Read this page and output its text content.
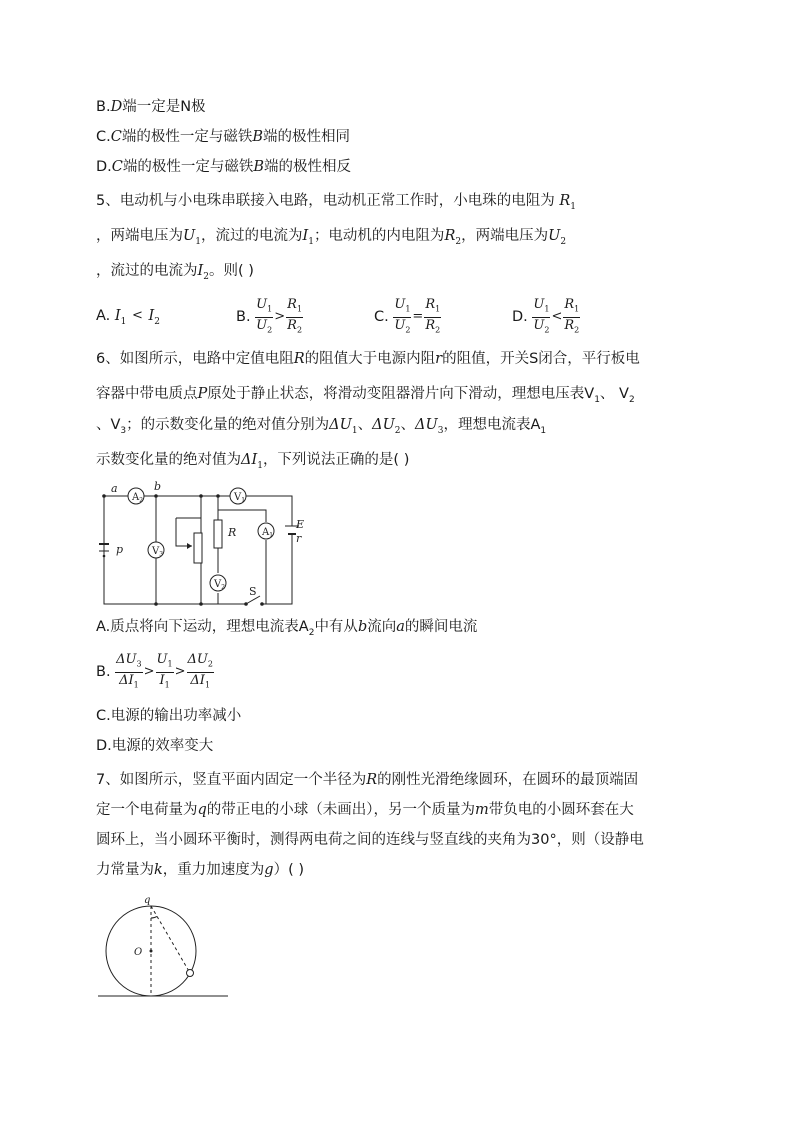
B.D端一定是N极
C.C端的极性一定与磁铁B端的极性相同
D.C端的极性一定与磁铁B端的极性相反
5、电动机与小电珠串联接入电路，电动机正常工作时，小电珠的电阻为 $R_1$
，两端电压为$U_1$，流过的电流为$I_1$；电动机的内电阻为$R_2$，两端电压为$U_2$
，流过的电流为$I_2$。则( )
A. $I_1 < I_2$	B. $\frac{U_1}{U_2} > \frac{R_1}{R_2}$	C. $\frac{U_1}{U_2} = \frac{R_1}{R_2}$	D. $\frac{U_1}{U_2} < \frac{R_1}{R_2}$
6、如图所示，电路中定值电阻R的阻值大于电源内阻r的阻值，开关S闭合，平行板电
容器中带电质点P原处于静止状态，将滑动变阻器滑片向下滑动，理想电压表$V_1$、 $V_2$
、$V_3$；的示数变化量的绝对值分别为$\Delta U_1$、$\Delta U_2$、$\Delta U_3$，理想电流表$A_1$
示数变化量的绝对值为$\Delta I_1$，下列说法正确的是( )
$A_2$
$V_3$
$V_1$
$A_1$
$V_2$
a	b
p
R
E
r
S
A.质点将向下运动，理想电流表$A_2$中有从b流向a的瞬间电流
B. $\frac{\Delta U_3}{\Delta I_1} > \frac{U_1}{I_1} > \frac{\Delta U_2}{\Delta I_1}$
C.电源的输出功率减小
D.电源的效率变大
7、如图所示，竖直平面内固定一个半径为R的刚性光滑绝缘圆环，在圆环的最顶端固
定一个电荷量为q的带正电的小球（未画出），另一个质量为m带负电的小圆环套在大
圆环上，当小圆环平衡时，测得两电荷之间的连线与竖直线的夹角为30°，则（设静电
力常量为k，重力加速度为g）( )
q
O
